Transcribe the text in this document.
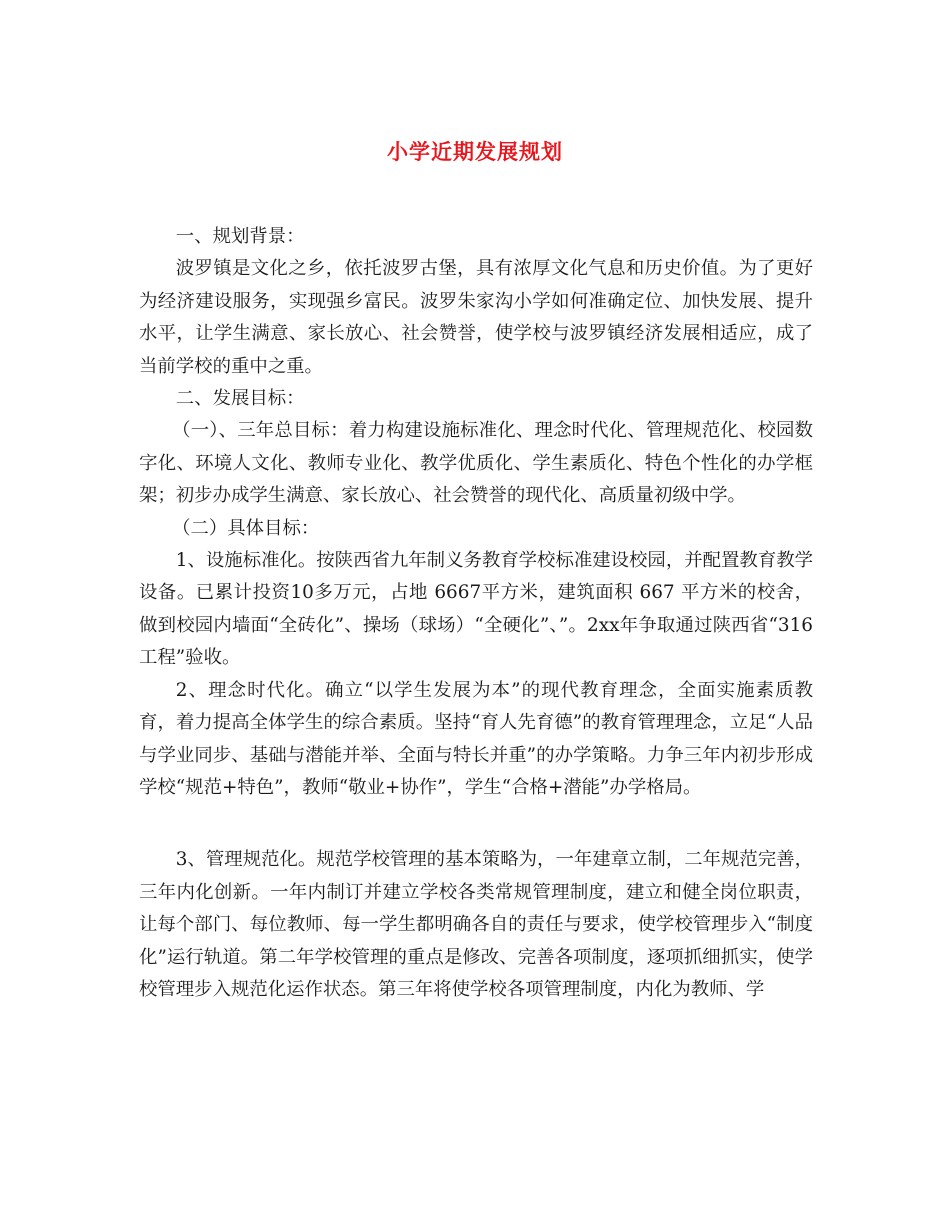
小学近期发展规划

一、规划背景：

波罗镇是文化之乡，依托波罗古堡，具有浓厚文化气息和历史价值。为了更好为经济建设服务，实现强乡富民。波罗朱家沟小学如何准确定位、加快发展、提升水平，让学生满意、家长放心、社会赞誉，使学校与波罗镇经济发展相适应，成了当前学校的重中之重。

二、发展目标：

（一）、三年总目标：着力构建设施标准化、理念时代化、管理规范化、校园数字化、环境人文化、教师专业化、教学优质化、学生素质化、特色个性化的办学框架；初步办成学生满意、家长放心、社会赞誉的现代化、高质量初级中学。

（二）具体目标：

1、设施标准化。按陕西省九年制义务教育学校标准建设校园，并配置教育教学设备。已累计投资10多万元，占地 6667平方米，建筑面积 667 平方米的校舍，做到校园内墙面“全砖化”、操场（球场）“全硬化”、”。2xx年争取通过陕西省“316工程”验收。

2、理念时代化。确立“以学生发展为本”的现代教育理念，全面实施素质教育，着力提高全体学生的综合素质。坚持“育人先育德”的教育管理理念，立足“人品与学业同步、基础与潜能并举、全面与特长并重”的办学策略。力争三年内初步形成学校“规范+特色”，教师“敬业+协作”，学生“合格+潜能”办学格局。

3、管理规范化。规范学校管理的基本策略为，一年建章立制，二年规范完善，三年内化创新。一年内制订并建立学校各类常规管理制度，建立和健全岗位职责，让每个部门、每位教师、每一学生都明确各自的责任与要求，使学校管理步入“制度化”运行轨道。第二年学校管理的重点是修改、完善各项制度，逐项抓细抓实，使学校管理步入规范化运作状态。第三年将使学校各项管理制度，内化为教师、学
